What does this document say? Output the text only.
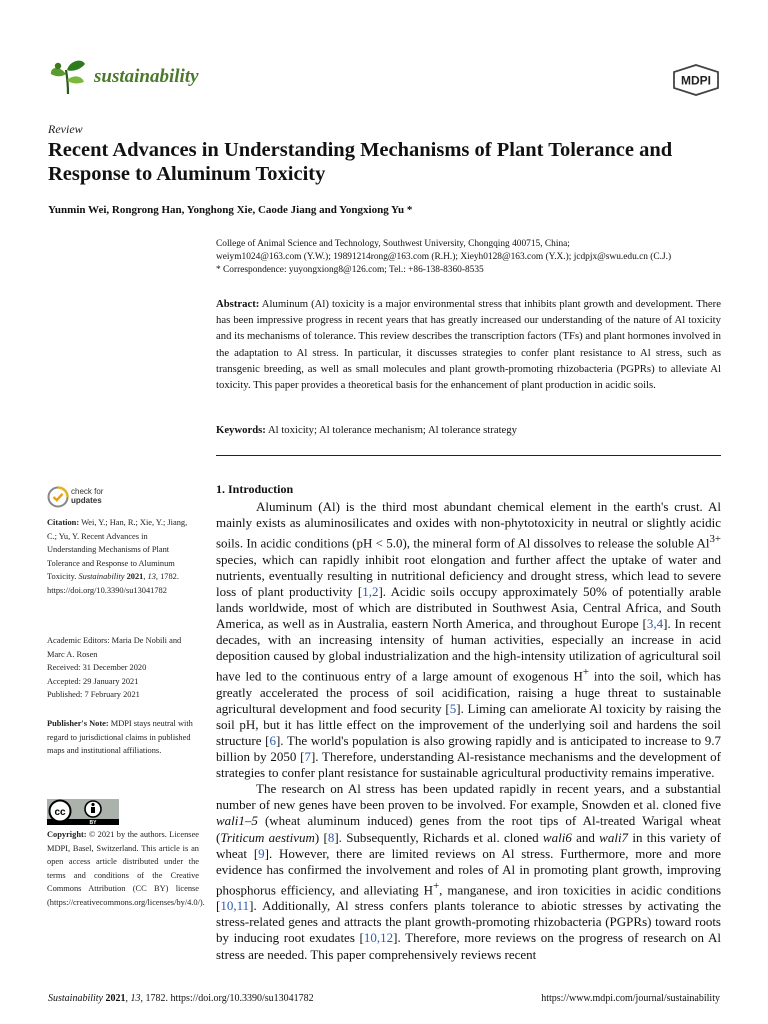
sustainability	MDPI
Review
Recent Advances in Understanding Mechanisms of Plant Tolerance and Response to Aluminum Toxicity
Yunmin Wei, Rongrong Han, Yonghong Xie, Caode Jiang and Yongxiong Yu *
College of Animal Science and Technology, Southwest University, Chongqing 400715, China;
weiym1024@163.com (Y.W.); 19891214rong@163.com (R.H.); Xieyh0128@163.com (Y.X.); jcdpjx@swu.edu.cn (C.J.)
* Correspondence: yuyongxiong8@126.com; Tel.: +86-138-8360-8535
Abstract: Aluminum (Al) toxicity is a major environmental stress that inhibits plant growth and development. There has been impressive progress in recent years that has greatly increased our understanding of the nature of Al toxicity and its mechanisms of tolerance. This review describes the transcription factors (TFs) and plant hormones involved in the adaptation to Al stress. In particular, it discusses strategies to confer plant resistance to Al stress, such as transgenic breeding, as well as small molecules and plant growth-promoting rhizobacteria (PGPRs) to alleviate Al toxicity. This paper provides a theoretical basis for the enhancement of plant production in acidic soils.
Keywords: Al toxicity; Al tolerance mechanism; Al tolerance strategy
check for
updates
Citation: Wei, Y.; Han, R.; Xie, Y.; Jiang, C.; Yu, Y. Recent Advances in Understanding Mechanisms of Plant Tolerance and Response to Aluminum Toxicity. Sustainability 2021, 13, 1782. https://doi.org/10.3390/su13041782
Academic Editors: Maria De Nobili and Marc A. Rosen
Received: 31 December 2020
Accepted: 29 January 2021
Published: 7 February 2021
Publisher's Note: MDPI stays neutral with regard to jurisdictional claims in published maps and institutional affiliations.
cc
BY
Copyright: © 2021 by the authors. Licensee MDPI, Basel, Switzerland. This article is an open access article distributed under the terms and conditions of the Creative Commons Attribution (CC BY) license (https://creativecommons.org/licenses/by/4.0/).
1. Introduction

Aluminum (Al) is the third most abundant chemical element in the earth's crust. Al mainly exists as aluminosilicates and oxides with non-phytotoxicity in neutral or slightly acidic soils. In acidic conditions (pH < 5.0), the mineral form of Al dissolves to release the soluble $Al^{3+}$ species, which can rapidly inhibit root elongation and further affect the uptake of water and nutrients, eventually resulting in nutritional deficiency and drought stress, which lead to severe loss of plant productivity [1,2]. Acidic soils occupy approximately 50% of potentially arable lands worldwide, most of which are distributed in Southwest Asia, Central Africa, and South America, as well as in Australia, eastern North America, and throughout Europe [3,4]. In recent decades, with an increasing intensity of human activities, especially an increase in acid deposition caused by global industrialization and the high-intensity utilization of agricultural soil have led to the continuous entry of a large amount of exogenous H+ into the soil, which has greatly accelerated the process of soil acidification, raising a huge threat to sustainable agricultural development and food security [5]. Liming can ameliorate Al toxicity by raising the soil pH, but it has little effect on the improvement of the underlying soil and hardens the soil structure [6]. The world's population is also growing rapidly and is anticipated to increase to 9.7 billion by 2050 [7]. Therefore, understanding Al-resistance mechanisms and the development of strategies to confer plant resistance for sustainable agricultural productivity remains imperative.

The research on Al stress has been updated rapidly in recent years, and a substantial number of new genes have been proven to be involved. For example, Snowden et al. cloned five wali1–5 (wheat aluminum induced) genes from the root tips of Al-treated Warigal wheat (Triticum aestivum) [8]. Subsequently, Richards et al. cloned wali6 and wali7 in this variety of wheat [9]. However, there are limited reviews on Al stress. Furthermore, more and more evidence has confirmed the involvement and roles of Al in promoting plant growth, improving phosphorus efficiency, and alleviating H+, manganese, and iron toxicities in acidic conditions [10,11]. Additionally, Al stress confers plants tolerance to abiotic stresses by activating the stress-related genes and attracts the plant growth-promoting rhizobacteria (PGPRs) toward roots by inducing root exudates [10,12]. Therefore, more reviews on the progress of research on Al stress are needed. This paper comprehensively reviews recent

Sustainability 2021, 13, 1782. https://doi.org/10.3390/su13041782	https://www.mdpi.com/journal/sustainability
